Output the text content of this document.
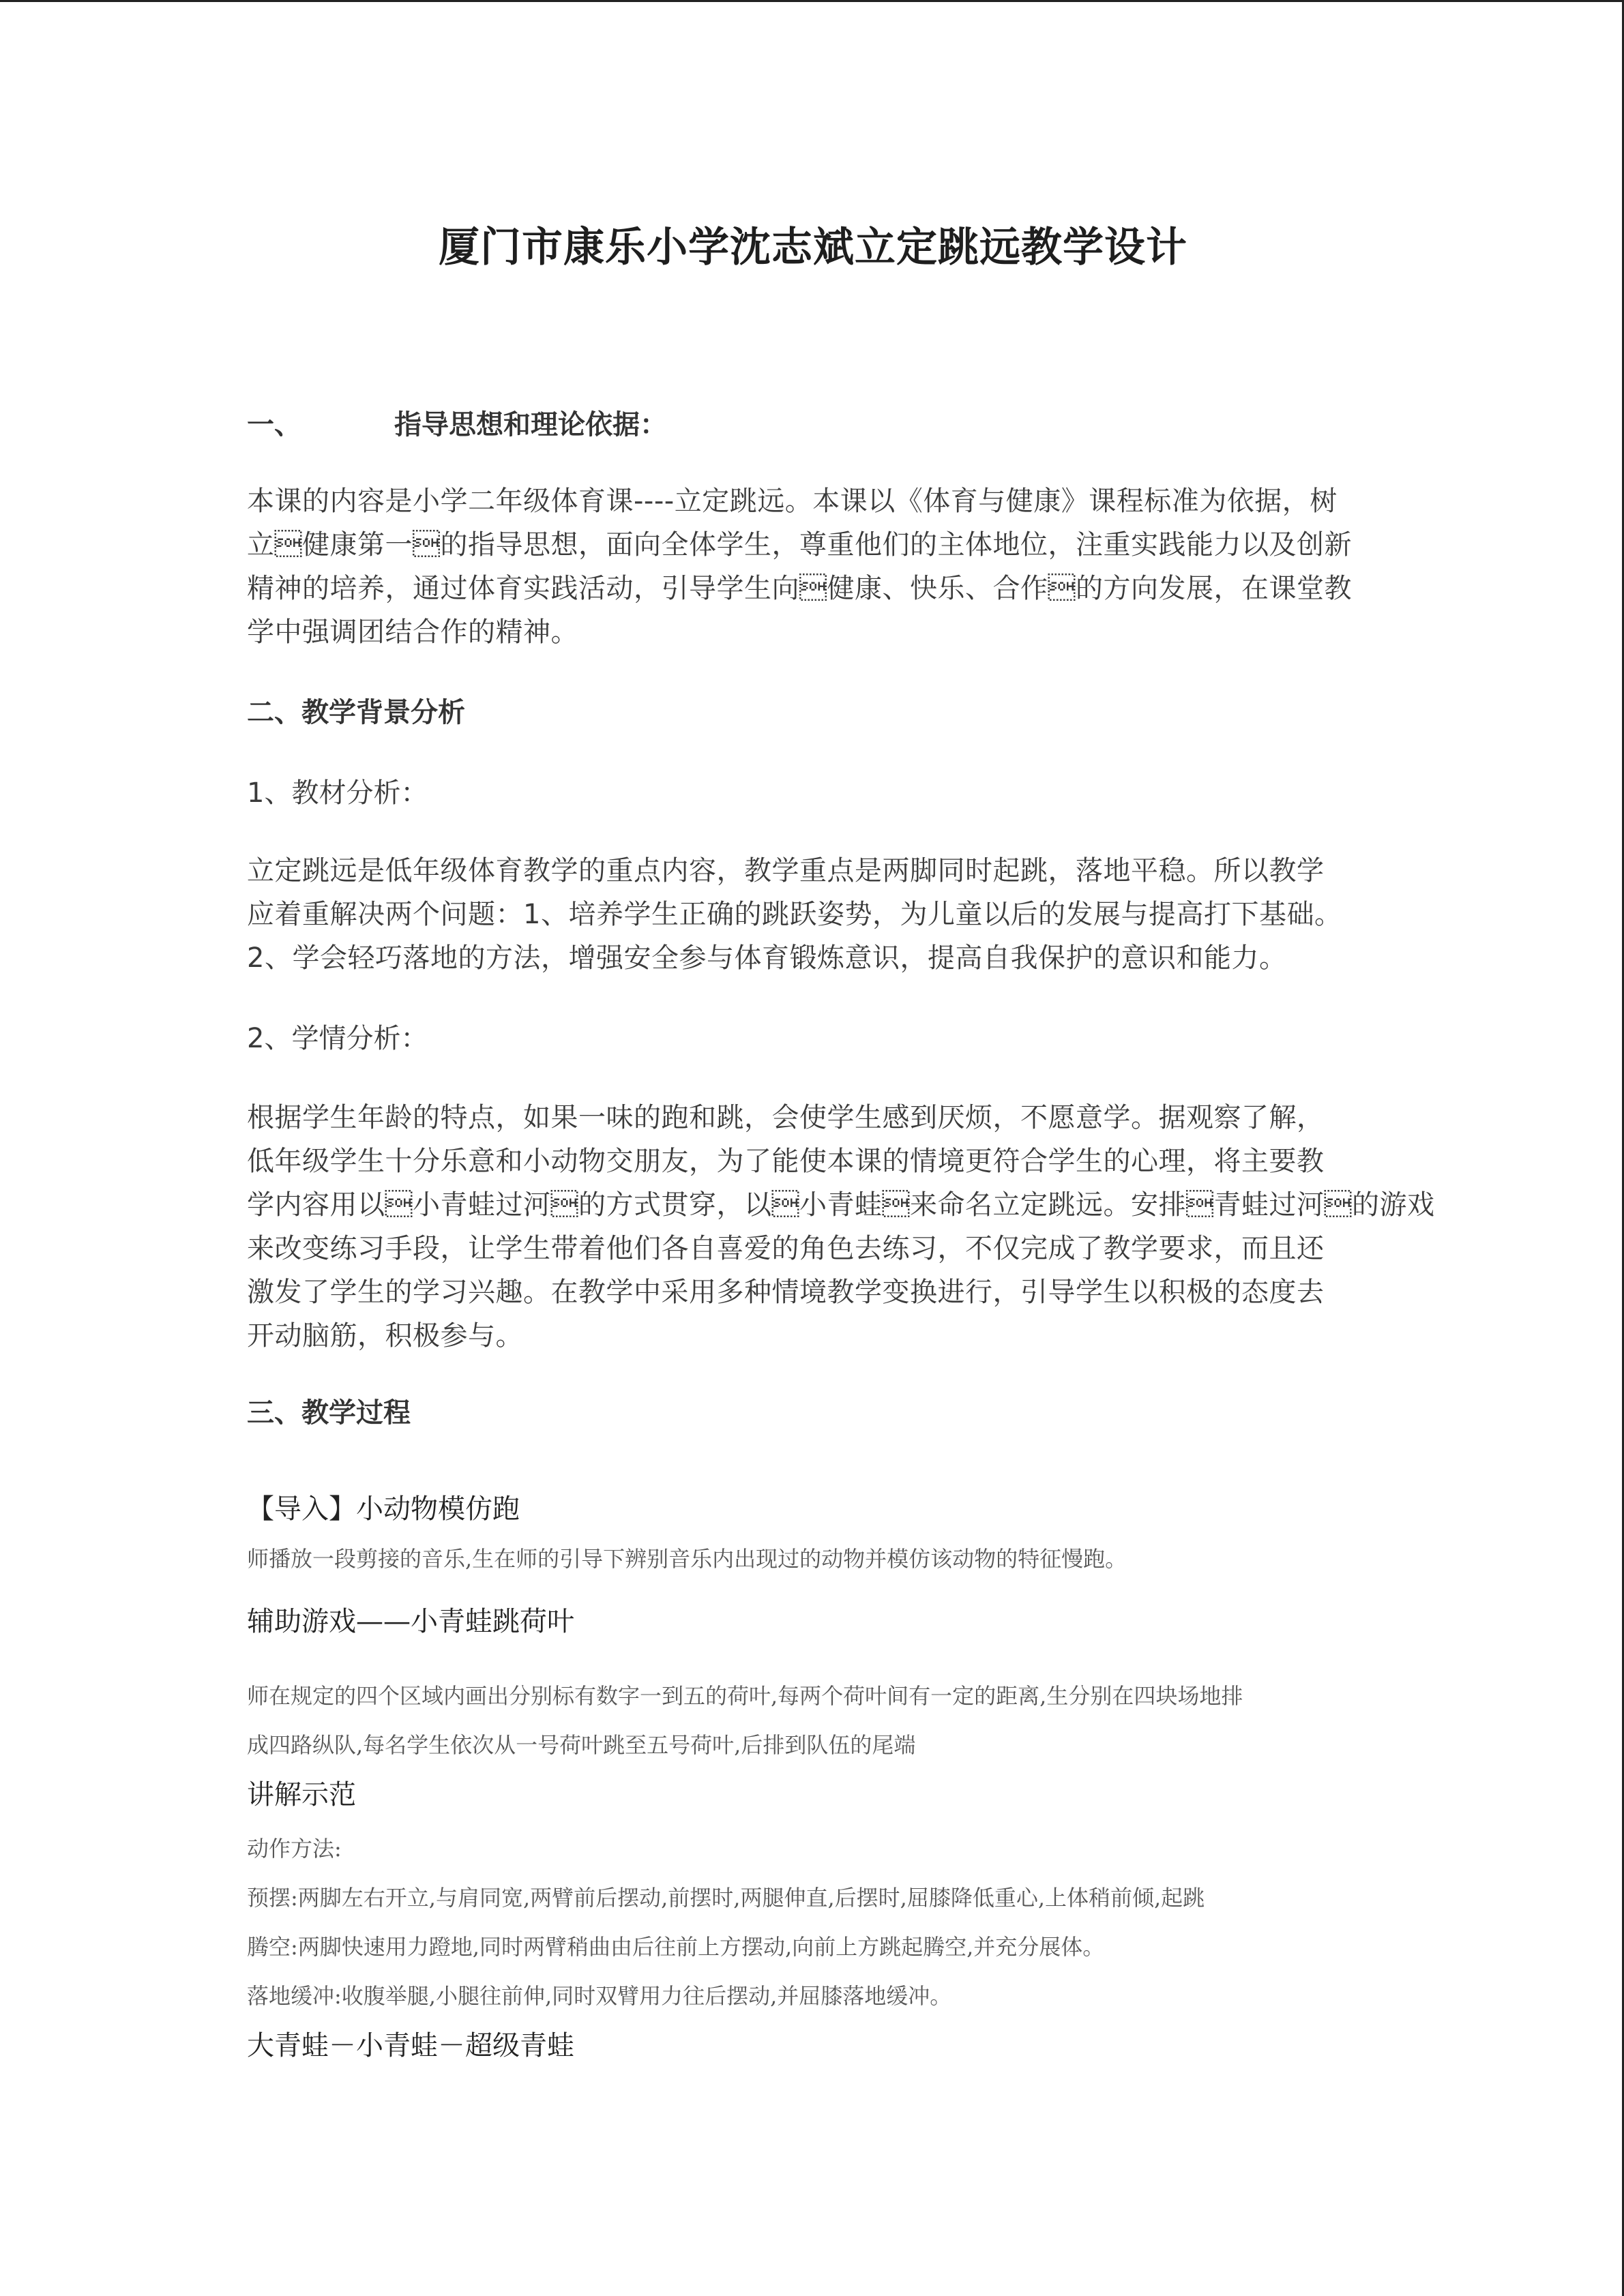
厦门市康乐小学沈志斌立定跳远教学设计
一、	指导思想和理论依据：
本课的内容是小学二年级体育课----立定跳远。本课以《体育与健康》课程标准为依据，树
立健康第一的指导思想，面向全体学生，尊重他们的主体地位，注重实践能力以及创新
精神的培养，通过体育实践活动，引导学生向健康、快乐、合作的方向发展，在课堂教
学中强调团结合作的精神。
二、教学背景分析
1、教材分析：
立定跳远是低年级体育教学的重点内容，教学重点是两脚同时起跳，落地平稳。所以教学
应着重解决两个问题：1、培养学生正确的跳跃姿势，为儿童以后的发展与提高打下基础。
2、学会轻巧落地的方法，增强安全参与体育锻炼意识，提高自我保护的意识和能力。
2、学情分析：
根据学生年龄的特点，如果一味的跑和跳，会使学生感到厌烦，不愿意学。据观察了解，
低年级学生十分乐意和小动物交朋友，为了能使本课的情境更符合学生的心理，将主要教
学内容用以小青蛙过河的方式贯穿，以小青蛙来命名立定跳远。安排青蛙过河的游戏
来改变练习手段，让学生带着他们各自喜爱的角色去练习，不仅完成了教学要求，而且还
激发了学生的学习兴趣。在教学中采用多种情境教学变换进行，引导学生以积极的态度去
开动脑筋，积极参与。
三、教学过程
【导入】小动物模仿跑
师播放一段剪接的音乐,生在师的引导下辨别音乐内出现过的动物并模仿该动物的特征慢跑。
辅助游戏——小青蛙跳荷叶
师在规定的四个区域内画出分别标有数字一到五的荷叶,每两个荷叶间有一定的距离,生分别在四块场地排
成四路纵队,每名学生依次从一号荷叶跳至五号荷叶,后排到队伍的尾端
讲解示范
动作方法:
预摆:两脚左右开立,与肩同宽,两臂前后摆动,前摆时,两腿伸直,后摆时,屈膝降低重心,上体稍前倾,起跳
腾空:两脚快速用力蹬地,同时两臂稍曲由后往前上方摆动,向前上方跳起腾空,并充分展体。
落地缓冲:收腹举腿,小腿往前伸,同时双臂用力往后摆动,并屈膝落地缓冲。
大青蛙－小青蛙－超级青蛙
